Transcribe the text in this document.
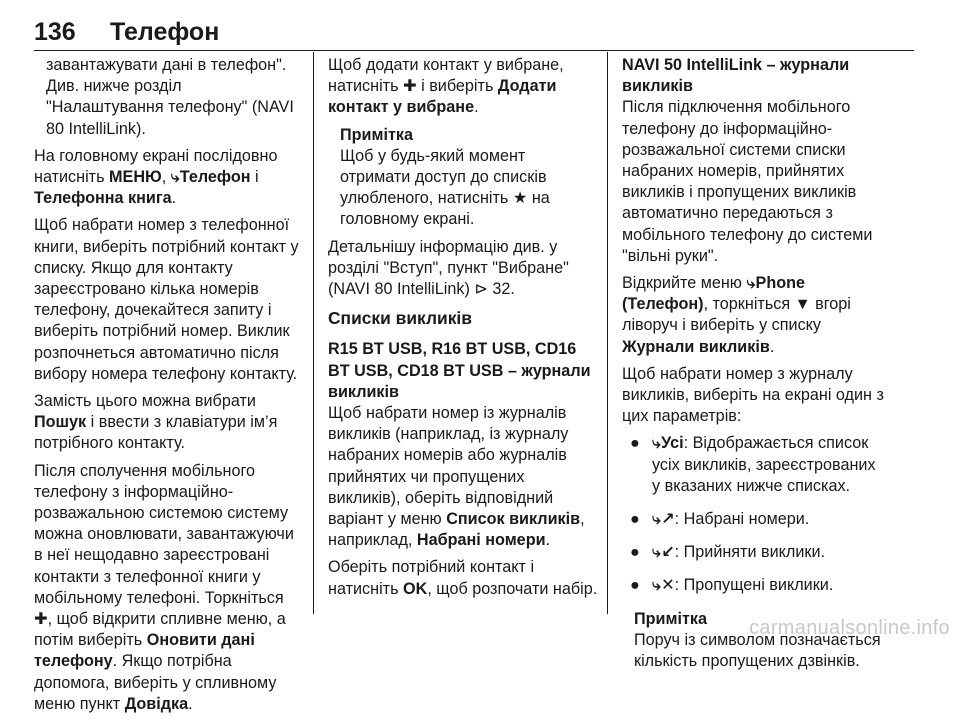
136	Телефон

завантажувати дані в телефон". Див. нижче розділ "Налаштування телефону" (NAVI 80 IntelliLink).

На головному екрані послідовно натисніть МЕНЮ, ⤷Телефон і Телефонна книга.

Щоб набрати номер з телефонної книги, виберіть потрібний контакт у списку. Якщо для контакту зареєстровано кілька номерів телефону, дочекайтеся запиту і виберіть потрібний номер. Виклик розпочнеться автоматично після вибору номера телефону контакту.

Замість цього можна вибрати Пошук і ввести з клавіатури ім’я потрібного контакту.

Після сполучення мобільного телефону з інформаційно-розважальною системою систему можна оновлювати, завантажуючи в неї нещодавно зареєстровані контакти з телефонної книги у мобільному телефоні. Торкніться ✚, щоб відкрити спливне меню, а потім виберіть Оновити дані телефону. Якщо потрібна допомога, виберіть у спливному меню пункт Довідка.

Щоб додати контакт у вибране, натисніть ✚ і виберіть Додати контакт у вибране.

Примітка
Щоб у будь-який момент отримати доступ до списків улюбленого, натисніть ★ на головному екрані.

Детальнішу інформацію див. у розділі "Вступ", пункт "Вибране" (NAVI 80 IntelliLink) ⊳ 32.

Списки викликів
R15 BT USB, R16 BT USB, CD16 BT USB, CD18 BT USB – журнали викликів

Щоб набрати номер із журналів викликів (наприклад, із журналу набраних номерів або журналів прийнятих чи пропущених викликів), оберіть відповідний варіант у меню Список викликів, наприклад, Набрані номери.

Оберіть потрібний контакт і натисніть OK, щоб розпочати набір.

NAVI 50 IntelliLink – журнали викликів

Після підключення мобільного телефону до інформаційно-розважальної системи списки набраних номерів, прийнятих викликів і пропущених викликів автоматично передаються з мобільного телефону до системи "вільні руки".

Відкрийте меню ⤷Phone (Телефон), торкніться ▼ вгорі ліворуч і виберіть у списку Журнали викликів.

Щоб набрати номер з журналу викликів, виберіть на екрані один з цих параметрів:

● ⤷Усі: Відображається список усіх викликів, зареєстрованих у вказаних нижче списках.
● ⤷↗: Набрані номери.
● ⤷↙: Прийняти виклики.
● ⤷✕: Пропущені виклики.
Примітка
Поруч із символом позначається кількість пропущених дзвінків.
carmanualsonline.info
